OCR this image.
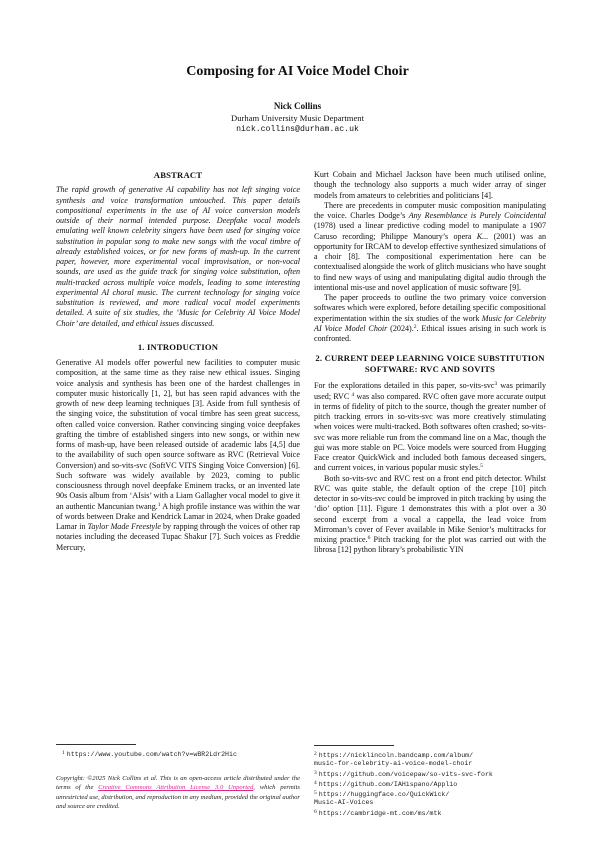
Composing for AI Voice Model Choir
Nick Collins
Durham University Music Department
nick.collins@durham.ac.uk
ABSTRACT

The rapid growth of generative AI capability has not left singing voice synthesis and voice transformation untouched. This paper details compositional experiments in the use of AI voice conversion models outside of their normal intended purpose. Deepfake vocal models emulating well known celebrity singers have been used for singing voice substitution in popular song to make new songs with the vocal timbre of already established voices, or for new forms of mash-up. In the current paper, however, more experimental vocal improvisation, or non-vocal sounds, are used as the guide track for singing voice substitution, often multi-tracked across multiple voice models, leading to some interesting experimental AI choral music. The current technology for singing voice substitution is reviewed, and more radical vocal model experiments detailed. A suite of six studies, the ‘Music for Celebrity AI Voice Model Choir’ are detailed, and ethical issues discussed.

1. INTRODUCTION

Generative AI models offer powerful new facilities to computer music composition, at the same time as they raise new ethical issues. Singing voice analysis and synthesis has been one of the hardest challenges in computer music historically [1, 2], but has seen rapid advances with the growth of new deep learning techniques [3]. Aside from full synthesis of the singing voice, the substitution of vocal timbre has seen great success, often called voice conversion. Rather convincing singing voice deepfakes grafting the timbre of established singers into new songs, or within new forms of mash-up, have been released outside of academic labs [4,5] due to the availability of such open source software as RVC (Retrieval Voice Conversion) and so-vits-svc (SoftVC VITS Singing Voice Conversion) [6]. Such software was widely available by 2023, coming to public consciousness through novel deepfake Eminem tracks, or an invented late 90s Oasis album from ‘AIsis’ with a Liam Gallagher vocal model to give it an authentic Mancunian twang.$^1$ A high profile instance was within the war of words between Drake and Kendrick Lamar in 2024, when Drake goaded Lamar in Taylor Made Freestyle by rapping through the voices of other rap notaries including the deceased Tupac Shakur [7]. Such voices as Freddie Mercury,

$^1$ https://www.youtube.com/watch?v=wBR2Ldr2Hic
Copyright: ©2025 Nick Collins et al. This is an open-access article distributed under the terms of the Creative Commons Attribution License 3.0 Unported, which permits unrestricted use, distribution, and reproduction in any medium, provided the original author and source are credited.

Kurt Cobain and Michael Jackson have been much utilised online, though the technology also supports a much wider array of singer models from amateurs to celebrities and politicians [4].

There are precedents in computer music composition manipulating the voice. Charles Dodge’s Any Resemblance is Purely Coincidental (1978) used a linear predictive coding model to manipulate a 1907 Caruso recording; Philippe Manoury’s opera K... (2001) was an opportunity for IRCAM to develop effective synthesized simulations of a choir [8]. The compositional experimentation here can be contextualised alongside the work of glitch musicians who have sought to find new ways of using and manipulating digital audio through the intentional mis-use and novel application of music software [9].

The paper proceeds to outline the two primary voice conversion softwares which were explored, before detailing specific compositional experimentation within the six studies of the work Music for Celebrity AI Voice Model Choir (2024).$^2$. Ethical issues arising in such work is confronted.

2. CURRENT DEEP LEARNING VOICE SUBSTITUTION SOFTWARE: RVC AND SOVITS

For the explorations detailed in this paper, so-vits-svc$^3$ was primarily used; RVC $^4$ was also compared. RVC often gave more accurate output in terms of fidelity of pitch to the source, though the greater number of pitch tracking errors in so-vits-svc was more creatively stimulating when voices were multi-tracked. Both softwares often crashed; so-vits-svc was more reliable run from the command line on a Mac, though the gui was more stable on PC. Voice models were sourced from Hugging Face creator QuickWick and included both famous deceased singers, and current voices, in various popular music styles.$^5$

Both so-vits-svc and RVC rest on a front end pitch detector. Whilst RVC was quite stable, the default option of the crepe [10] pitch detector in so-vits-svc could be improved in pitch tracking by using the ‘dio’ option [11]. Figure 1 demonstrates this with a plot over a 30 second excerpt from a vocal a cappella, the lead voice from Mirroman’s cover of Fever available in Mike Senior’s multitracks for mixing practice.$^6$ Pitch tracking for the plot was carried out with the librosa [12] python library’s probabilistic YIN

$^2$ https://nicklincoln.bandcamp.com/album/
music-for-celebrity-ai-voice-model-choir
$^3$ https://github.com/voicepaw/so-vits-svc-fork
$^4$ https://github.com/IAHispano/Applio
$^5$ https://huggingface.co/QuickWick/
Music-AI-Voices
$^6$ https://cambridge-mt.com/ms/mtk
